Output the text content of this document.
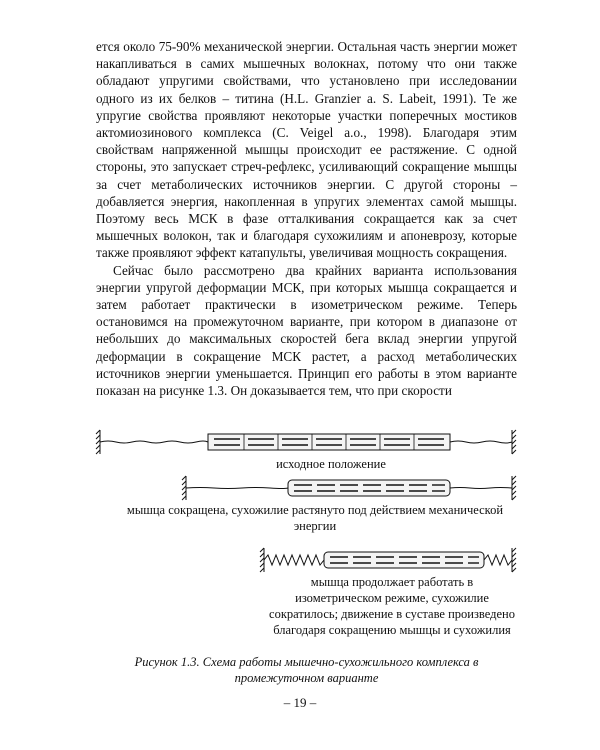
ется около 75-90% механической энергии. Остальная часть энергии может накапливаться в самих мышечных волокнах, потому что они также обладают упругими свойствами, что установлено при исследовании одного из их белков – титина (H.L. Granzier a. S. Labeit, 1991). Те же упругие свойства проявляют некоторые участки поперечных мостиков актомиозинового комплекса (C. Veigel a.o., 1998). Благодаря этим свойствам напряженной мышцы происходит ее растяжение. С одной стороны, это запускает стреч-рефлекс, усиливающий сокращение мышцы за счет метаболических источников энергии. С другой стороны – добавляется энергия, накопленная в упругих элементах самой мышцы. Поэтому весь МСК в фазе отталкивания сокращается как за счет мышечных волокон, так и благодаря сухожилиям и апоневрозу, которые также проявляют эффект катапульты, увеличивая мощность сокращения.

Сейчас было рассмотрено два крайних варианта использования энергии упругой деформации МСК, при которых мышца сокращается и затем работает практически в изометрическом режиме. Теперь остановимся на промежуточном варианте, при котором в диапазоне от небольших до максимальных скоростей бега вклад энергии упругой деформации в сокращение МСК растет, а расход метаболических источников энергии уменьшается. Принцип его работы в этом варианте показан на рисунке 1.3. Он доказывается тем, что при скорости

исходное положение

мышца сокращена, сухожилие растянуто под действием механической энергии

мышца продолжает работать в изометрическом режиме, сухожилие сократилось; движение в суставе произведено благодаря сокращению мышцы и сухожилия

Рисунок 1.3. Схема работы мышечно-сухожильного комплекса в промежуточном варианте

– 19 –
